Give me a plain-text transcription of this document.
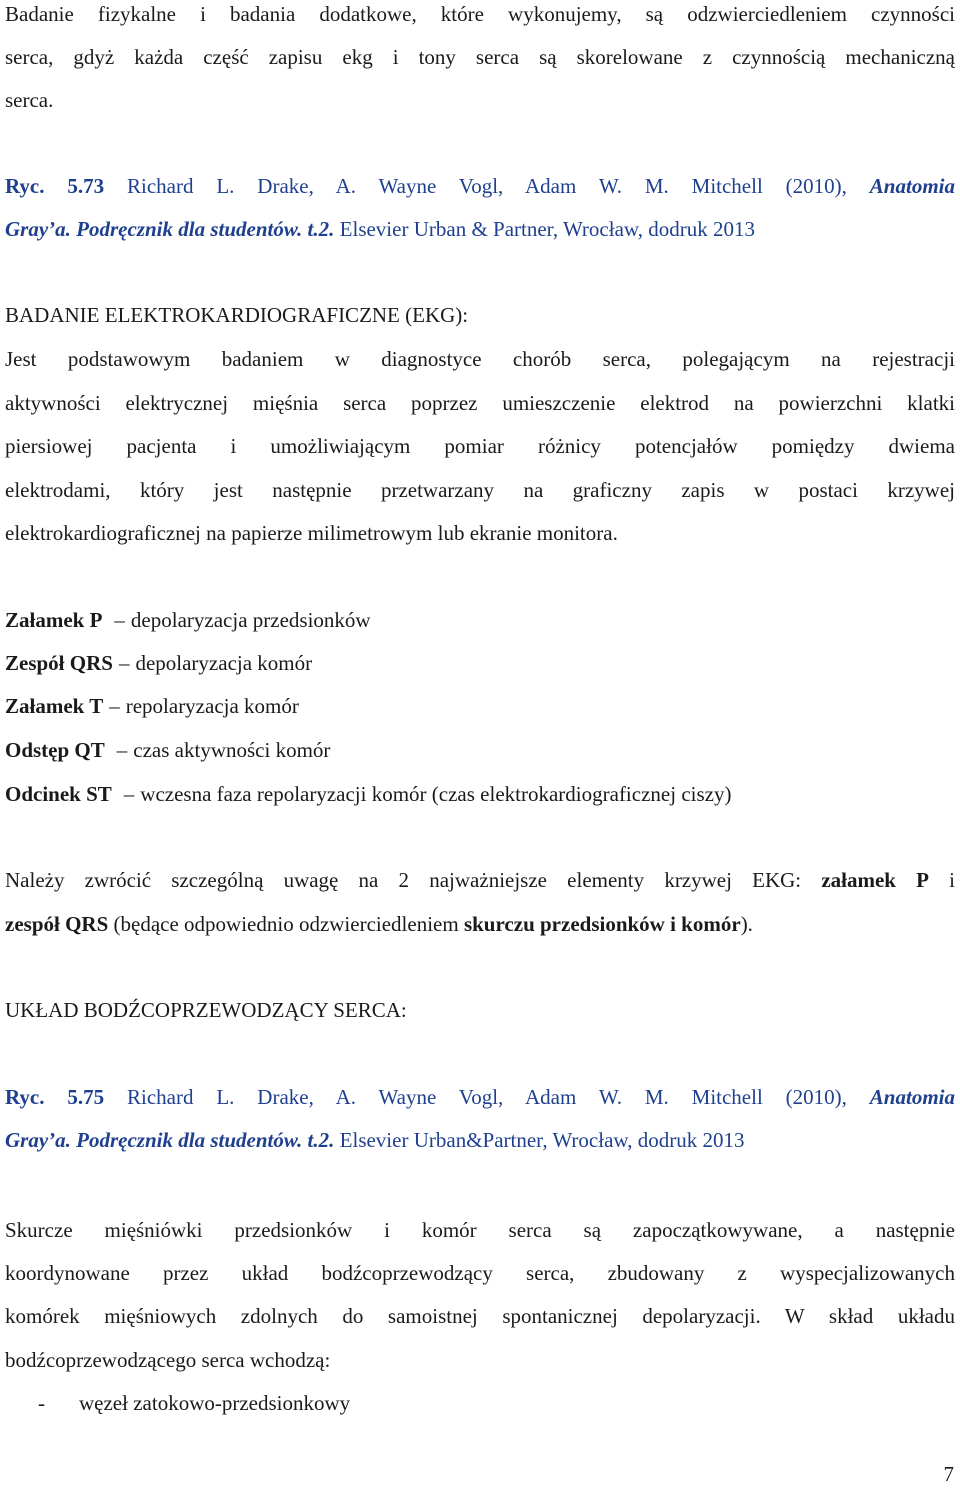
Badanie fizykalne i badania dodatkowe, które wykonujemy, są odzwierciedleniem czynności
serca, gdyż każda część zapisu ekg i tony serca są skorelowane z czynnością mechaniczną
serca.
Ryc. 5.73 Richard L. Drake, A. Wayne Vogl, Adam W. M. Mitchell (2010), Anatomia
Gray’a. Podręcznik dla studentów. t.2. Elsevier Urban & Partner, Wrocław, dodruk 2013
BADANIE ELEKTROKARDIOGRAFICZNE (EKG):
Jest podstawowym badaniem w diagnostyce chorób serca, polegającym na rejestracji
aktywności elektrycznej mięśnia serca poprzez umieszczenie elektrod na powierzchni klatki
piersiowej pacjenta i umożliwiającym pomiar różnicy potencjałów pomiędzy dwiema
elektrodami, który jest następnie przetwarzany na graficzny zapis w postaci krzywej
elektrokardiograficznej na papierze milimetrowym lub ekranie monitora.
Załamek P – depolaryzacja przedsionków
Zespół QRS – depolaryzacja komór
Załamek T – repolaryzacja komór
Odstęp QT – czas aktywności komór
Odcinek ST – wczesna faza repolaryzacji komór (czas elektrokardiograficznej ciszy)
Należy zwrócić szczególną uwagę na 2 najważniejsze elementy krzywej EKG: załamek P i
zespół QRS (będące odpowiednio odzwierciedleniem skurczu przedsionków i komór).
UKŁAD BODŹCOPRZEWODZĄCY SERCA:
Ryc. 5.75 Richard L. Drake, A. Wayne Vogl, Adam W. M. Mitchell (2010), Anatomia
Gray’a. Podręcznik dla studentów. t.2. Elsevier Urban&Partner, Wrocław, dodruk 2013
Skurcze mięśniówki przedsionków i komór serca są zapoczątkowywane, a następnie
koordynowane przez układ bodźcoprzewodzący serca, zbudowany z wyspecjalizowanych
komórek mięśniowych zdolnych do samoistnej spontanicznej depolaryzacji. W skład układu
bodźcoprzewodzącego serca wchodzą:
- węzeł zatokowo-przedsionkowy
7
